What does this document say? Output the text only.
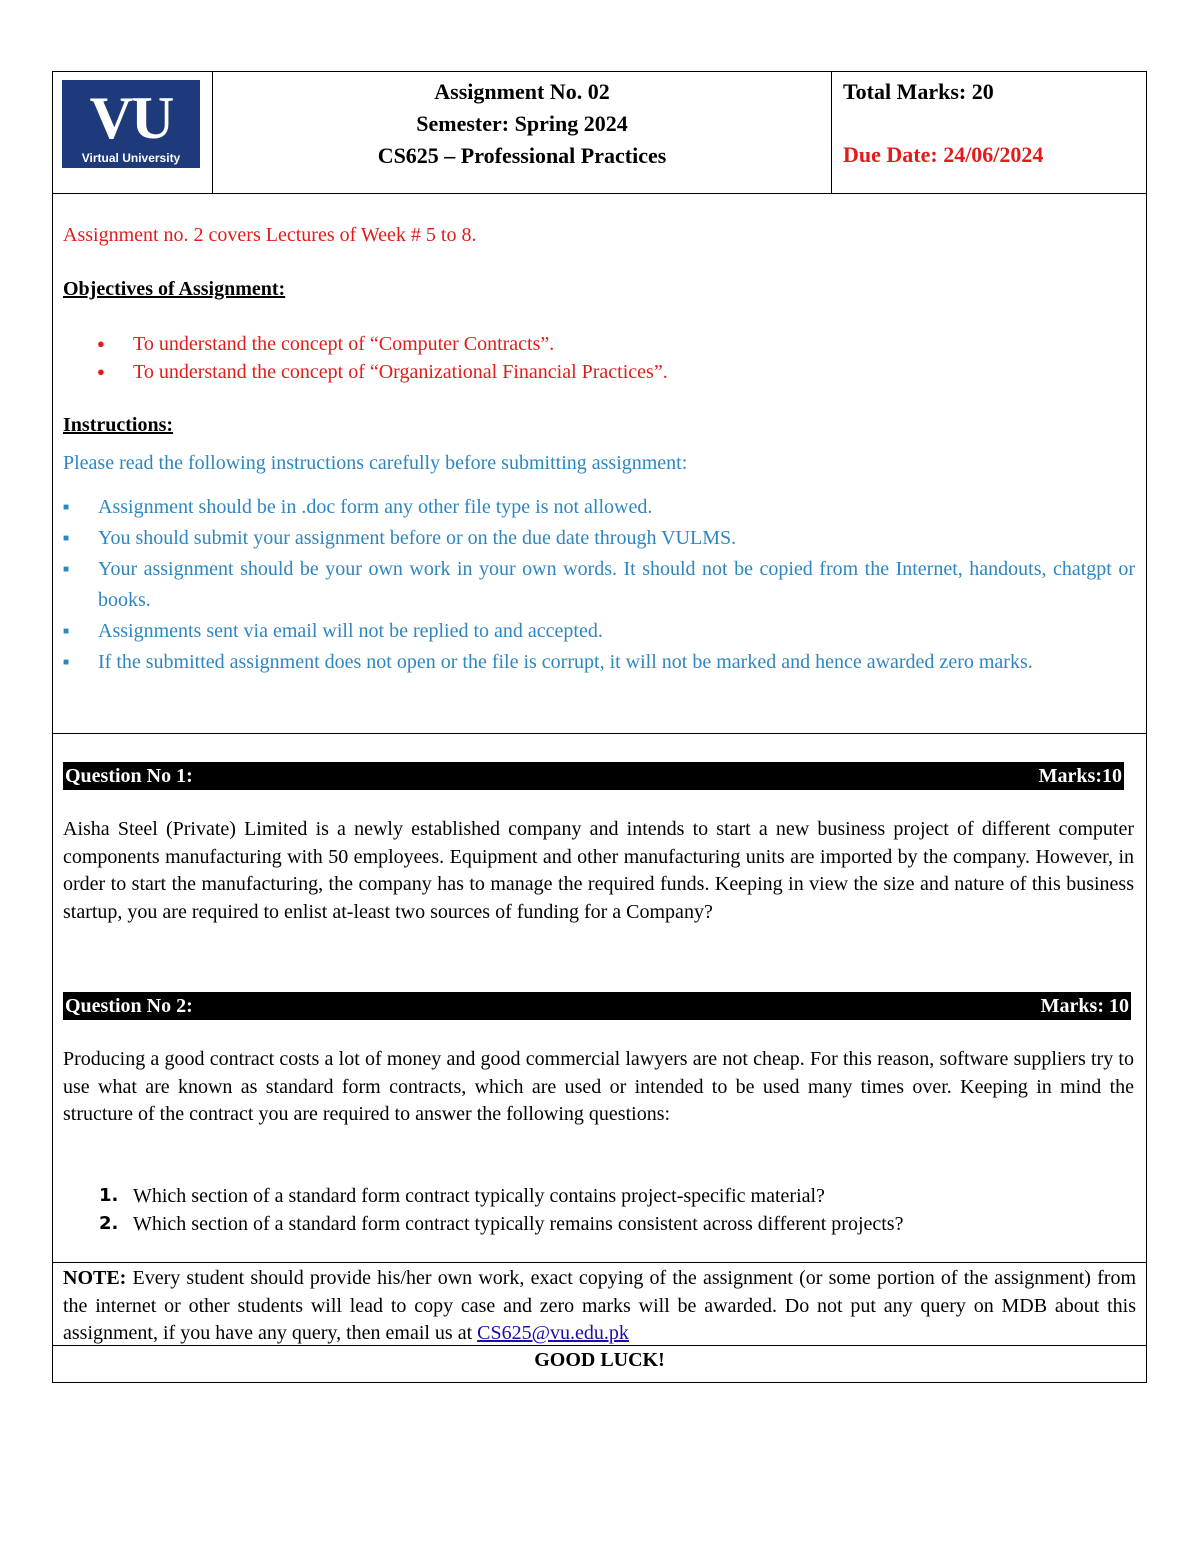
VU
Virtual University
Assignment No. 02
Semester: Spring 2024
CS625 – Professional Practices
Total Marks: 20
Due Date: 24/06/2024
Assignment no. 2 covers Lectures of Week # 5 to 8.
Objectives of Assignment:
● To understand the concept of “Computer Contracts”.
● To understand the concept of “Organizational Financial Practices”.
Instructions:
Please read the following instructions carefully before submitting assignment:
■ Assignment should be in .doc form any other file type is not allowed.
■ You should submit your assignment before or on the due date through VULMS.
■ Your assignment should be your own work in your own words. It should not be copied from the Internet, handouts, chatgpt or books.
■ Assignments sent via email will not be replied to and accepted.
■ If the submitted assignment does not open or the file is corrupt, it will not be marked and hence awarded zero marks.
Question No 1:	Marks:10
Aisha Steel (Private) Limited is a newly established company and intends to start a new business project of different computer components manufacturing with 50 employees. Equipment and other manufacturing units are imported by the company. However, in order to start the manufacturing, the company has to manage the required funds. Keeping in view the size and nature of this business startup, you are required to enlist at-least two sources of funding for a Company?
Question No 2:	Marks: 10
Producing a good contract costs a lot of money and good commercial lawyers are not cheap. For this reason, software suppliers try to use what are known as standard form contracts, which are used or intended to be used many times over. Keeping in mind the structure of the contract you are required to answer the following questions:
1. Which section of a standard form contract typically contains project-specific material?
2. Which section of a standard form contract typically remains consistent across different projects?
NOTE: Every student should provide his/her own work, exact copying of the assignment (or some portion of the assignment) from the internet or other students will lead to copy case and zero marks will be awarded. Do not put any query on MDB about this assignment, if you have any query, then email us at CS625@vu.edu.pk
GOOD LUCK!
